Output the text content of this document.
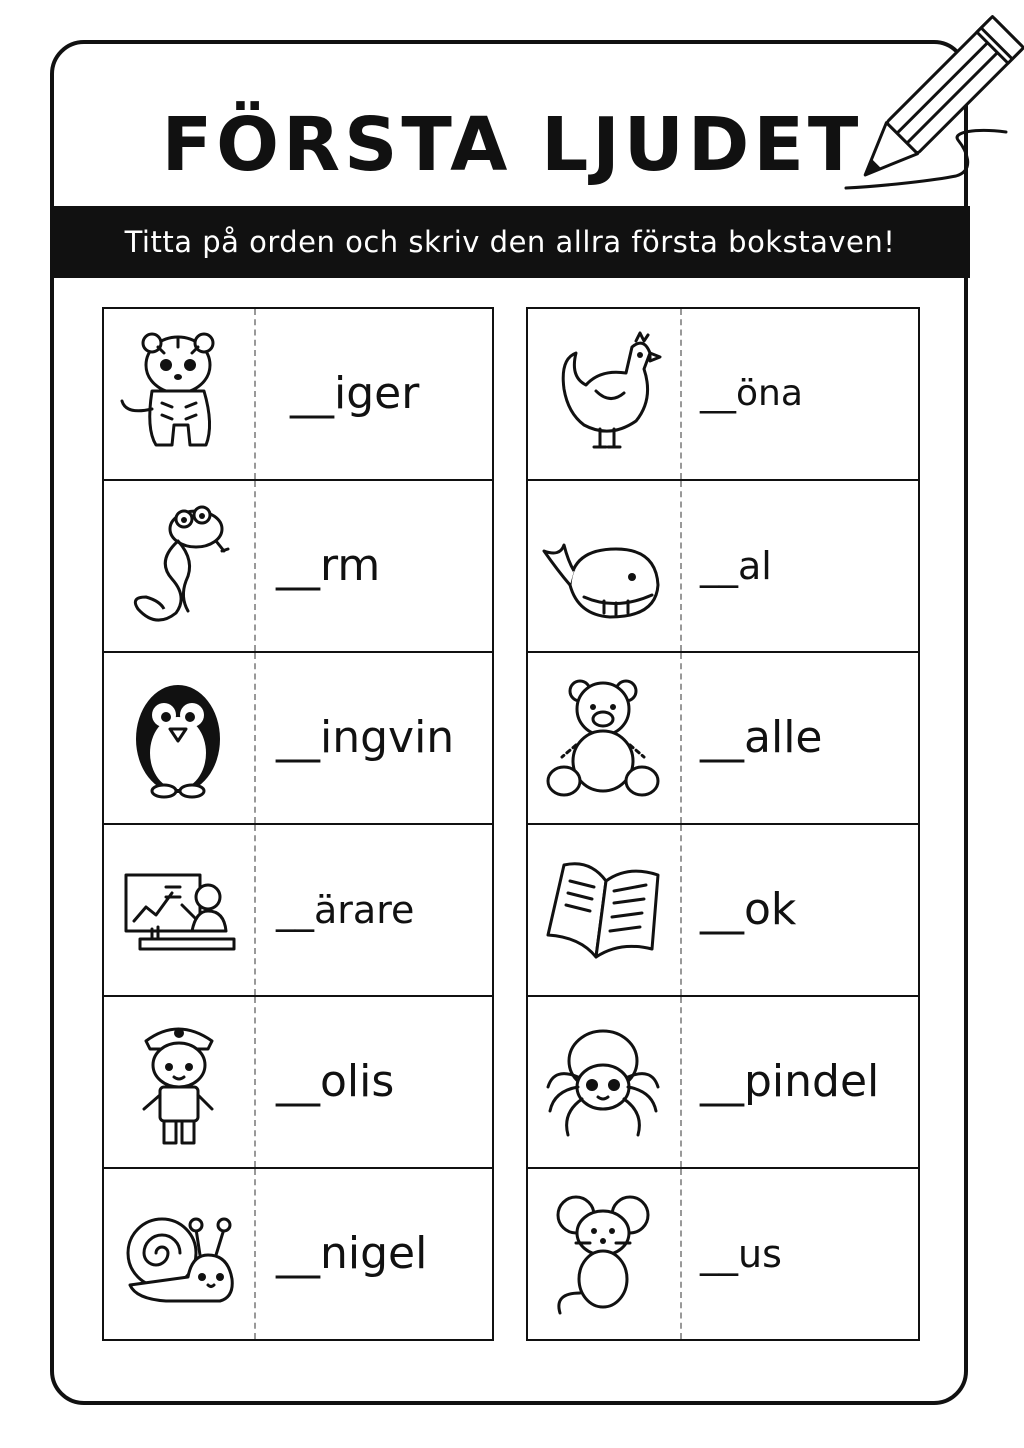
FÖRSTA LJUDET
Titta på orden och skriv den allra första bokstaven!
__iger
__rm
__ingvin
__ärare
__olis
__nigel
__öna
__al
__alle
__ok
__pindel
__us
